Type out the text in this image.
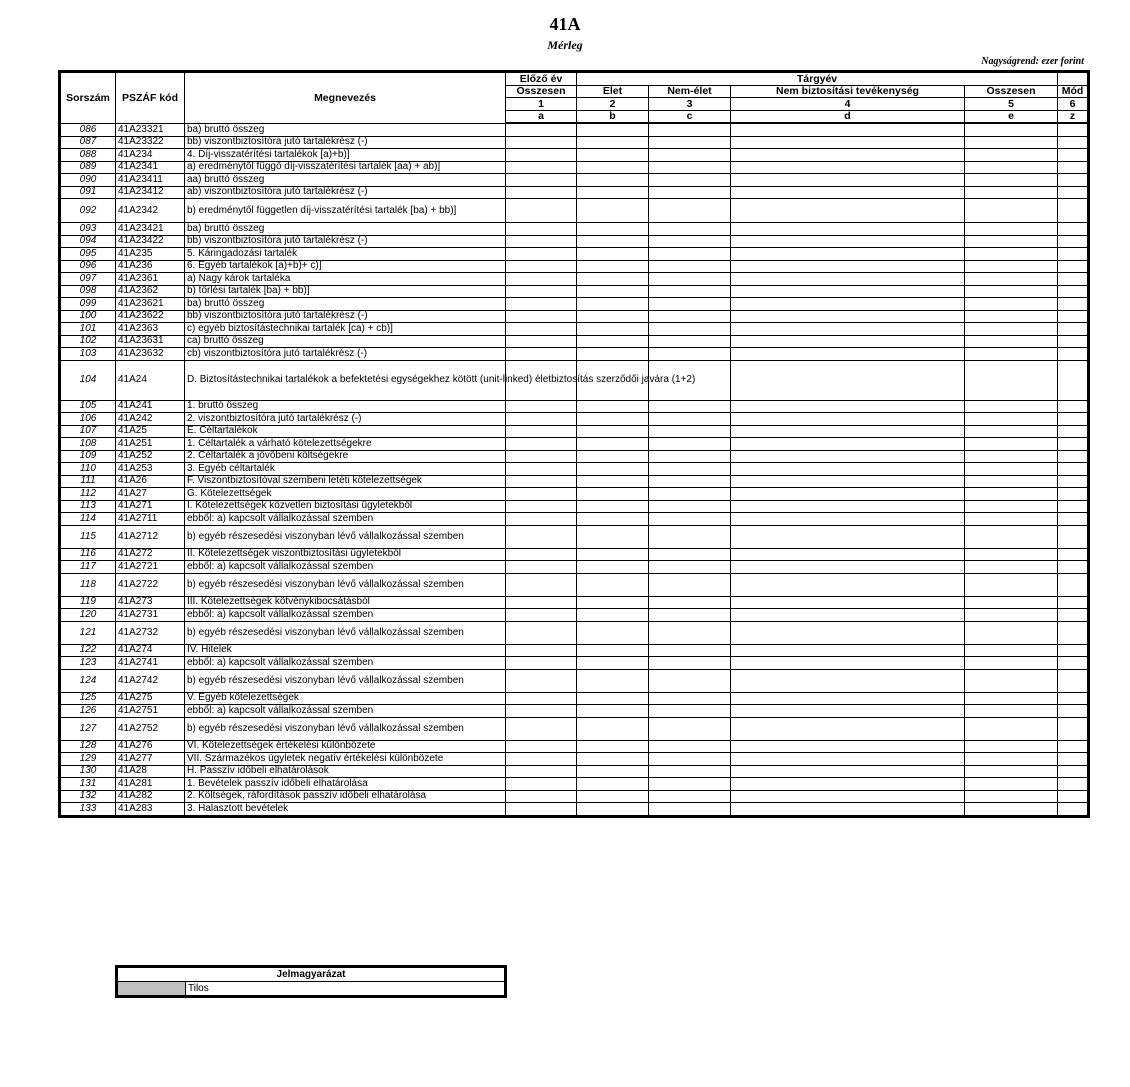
41A
Mérleg
Nagyságrend: ezer forint
Sorszám	PSZÁF kód	Megnevezés	Előző év	Tárgyév				
			Összesen	Élet	Nem-élet	Nem biztosítási tevékenység	Összesen	Mód
			1	2	3	4	5	6
			a	b	c	d	e	z
086	41A23321	ba) bruttó összeg						
087	41A23322	bb) viszontbiztosítóra jutó tartalékrész (-)						
088	41A234	4. Díj-visszatérítési tartalékok [a)+b)]						
089	41A2341	a) eredménytől függő díj-visszatérítési tartalék [aa) + ab)]						
090	41A23411	aa) bruttó összeg						
091	41A23412	ab) viszontbiztosítóra jutó tartalékrész (-)						
092	41A2342	b) eredménytől független díj-visszatérítési tartalék [ba) + bb)]						
093	41A23421	ba) bruttó összeg						
094	41A23422	bb) viszontbiztosítóra jutó tartalékrész (-)						
095	41A235	5. Káringadozási tartalék						
096	41A236	6. Egyéb tartalékok [a)+b)+ c)]						
097	41A2361	a) Nagy károk tartaléka						
098	41A2362	b) törlési tartalék [ba) + bb)]						
099	41A23621	ba) bruttó összeg						
100	41A23622	bb) viszontbiztosítóra jutó tartalékrész (-)						
101	41A2363	c) egyéb biztosítástechnikai tartalék [ca) + cb)]						
102	41A23631	ca) bruttó összeg						
103	41A23632	cb) viszontbiztosítóra jutó tartalékrész (-)						
104	41A24	D. Biztosítástechnikai tartalékok a befektetési egységekhez kötött (unit-linked) életbiztosítás szerződői javára (1+2)						
105	41A241	1. bruttó összeg						
106	41A242	2. viszontbiztosítóra jutó tartalékrész (-)						
107	41A25	E. Céltartalékok						
108	41A251	1. Céltartalék a várható kötelezettségekre						
109	41A252	2. Céltartalék a jövőbeni költségekre						
110	41A253	3. Egyéb céltartalék						
111	41A26	F. Viszontbiztosítóval szembeni letéti kötelezettségek						
112	41A27	G. Kötelezettségek						
113	41A271	I. Kötelezettségek közvetlen biztosítási ügyletekből						
114	41A2711	ebből: a) kapcsolt vállalkozással szemben						
115	41A2712	b) egyéb részesedési viszonyban lévő vállalkozással szemben						
116	41A272	II. Kötelezettségek viszontbiztosítási ügyletekből						
117	41A2721	ebből: a) kapcsolt vállalkozással szemben						
118	41A2722	b) egyéb részesedési viszonyban lévő vállalkozással szemben						
119	41A273	III. Kötelezettségek kötvénykibocsátásból						
120	41A2731	ebből: a) kapcsolt vállalkozással szemben						
121	41A2732	b) egyéb részesedési viszonyban lévő vállalkozással szemben						
122	41A274	IV. Hitelek						
123	41A2741	ebből: a) kapcsolt vállalkozással szemben						
124	41A2742	b) egyéb részesedési viszonyban lévő vállalkozással szemben						
125	41A275	V. Egyéb kötelezettségek						
126	41A2751	ebből: a) kapcsolt vállalkozással szemben						
127	41A2752	b) egyéb részesedési viszonyban lévő vállalkozással szemben						
128	41A276	VI. Kötelezettségek értékelési különbözete						
129	41A277	VII. Származékos ügyletek negatív értékelési különbözete						
130	41A28	H. Passzív időbeli elhatárolások						
131	41A281	1. Bevételek passzív időbeli elhatárolása						
132	41A282	2. Költségek, ráfordítások passzív időbeli elhatárolása						
133	41A283	3. Halasztott bevételek						
Jelmagyarázat
	Tilos
